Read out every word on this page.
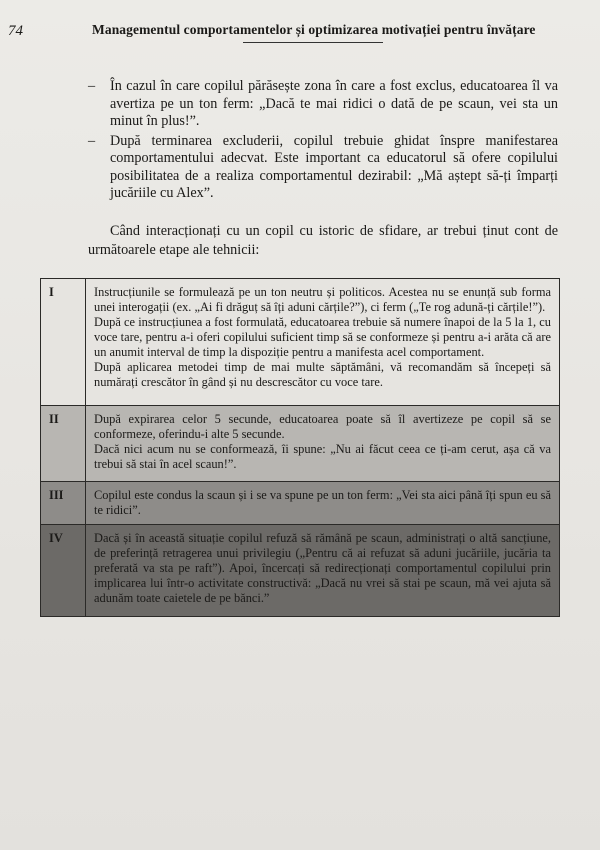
74	Managementul comportamentelor și optimizarea motivației pentru învățare
– În cazul în care copilul părăsește zona în care a fost exclus, educatoarea îl va avertiza pe un ton ferm: „Dacă te mai ridici o dată de pe scaun, vei sta un minut în plus!”.
– După terminarea excluderii, copilul trebuie ghidat înspre manifestarea comportamentului adecvat. Este important ca educatorul să ofere copilului posibilitatea de a realiza comportamentul dezirabil: „Mă aștept să-ți împarți jucăriile cu Alex”.
Când interacționați cu un copil cu istoric de sfidare, ar trebui ținut cont de următoarele etape ale tehnicii:
I	Instrucțiunile se formulează pe un ton neutru și politicos. Acestea nu se enunță sub forma unei interogații (ex. „Ai fi drăguț să îți aduni cărțile?”), ci ferm („Te rog adună-ți cărțile!”).

După ce instrucțiunea a fost formulată, educatoarea trebuie să numere înapoi de la 5 la 1, cu voce tare, pentru a-i oferi copilului suficient timp să se conformeze și pentru a-i arăta că are un anumit interval de timp la dispoziție pentru a manifesta acel comportament.

După aplicarea metodei timp de mai multe săptămâni, vă recomandăm să începeți să numărați crescător în gând și nu descrescător cu voce tare.

II	După expirarea celor 5 secunde, educatoarea poate să îl avertizeze pe copil să se conformeze, oferindu-i alte 5 secunde.

Dacă nici acum nu se conformează, îi spune: „Nu ai făcut ceea ce ți-am cerut, așa că va trebui să stai în acel scaun!”.

III	Copilul este condus la scaun și i se va spune pe un ton ferm: „Vei sta aici până îți spun eu să te ridici”.

IV	Dacă și în această situație copilul refuză să rămână pe scaun, administrați o altă sancțiune, de preferință retragerea unui privilegiu („Pentru că ai refuzat să aduni jucăriile, jucăria ta preferată va sta pe raft”). Apoi, încercați să redirecționați comportamentul copilului prin implicarea lui într-o activitate constructivă: „Dacă nu vrei să stai pe scaun, mă vei ajuta să adunăm toate caietele de pe bănci.”
